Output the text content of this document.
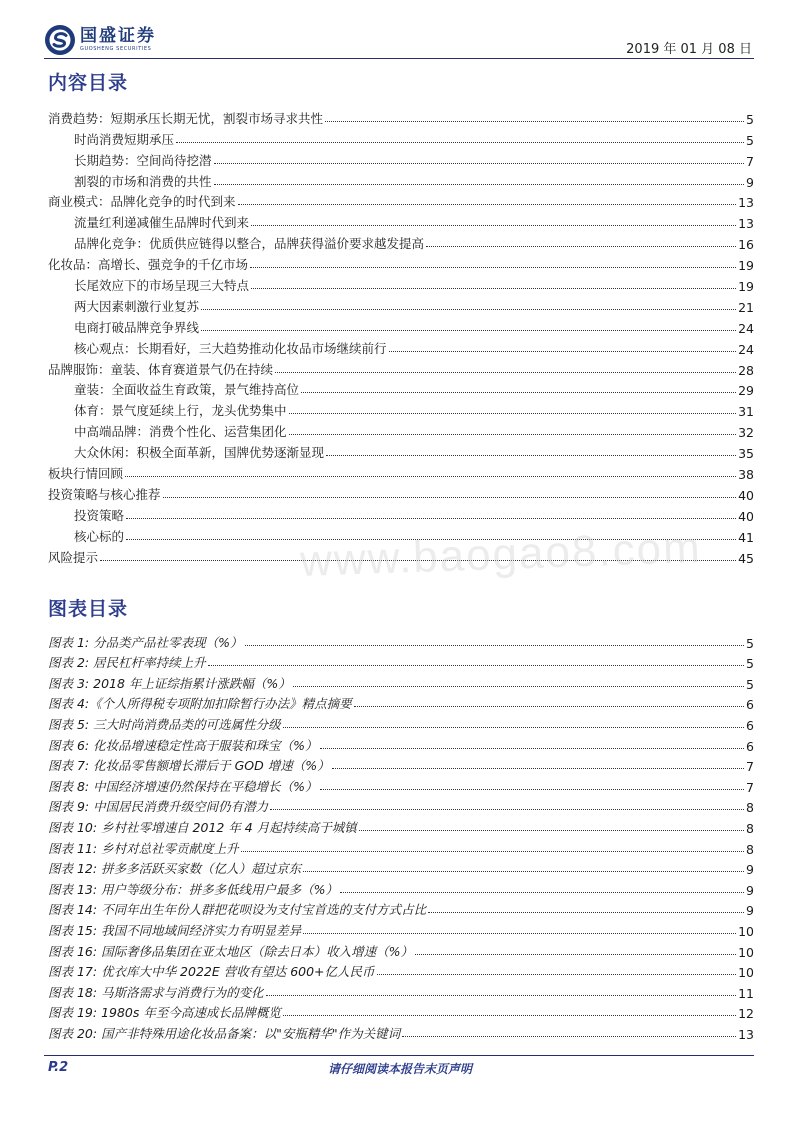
国盛证券
GUOSHENG SECURITIES	2019 年 01 月 08 日
内容目录
消费趋势：短期承压长期无忧，割裂市场寻求共性	5
时尚消费短期承压	5
长期趋势：空间尚待挖潜	7
割裂的市场和消费的共性	9
商业模式：品牌化竞争的时代到来	13
流量红利递减催生品牌时代到来	13
品牌化竞争：优质供应链得以整合，品牌获得溢价要求越发提高	16
化妆品：高增长、强竞争的千亿市场	19
长尾效应下的市场呈现三大特点	19
两大因素刺激行业复苏	21
电商打破品牌竞争界线	24
核心观点：长期看好，三大趋势推动化妆品市场继续前行	24
品牌服饰：童装、体育赛道景气仍在持续	28
童装：全面收益生育政策，景气维持高位	29
体育：景气度延续上行，龙头优势集中	31
中高端品牌：消费个性化、运营集团化	32
大众休闲：积极全面革新，国牌优势逐渐显现	35
板块行情回顾	38
投资策略与核心推荐	40
投资策略	40
核心标的	41
风险提示	45
www.baogao8.com
图表目录
图表 1: 分品类产品社零表现（%）	5
图表 2: 居民杠杆率持续上升	5
图表 3: 2018 年上证综指累计涨跌幅（%）	5
图表 4:《个人所得税专项附加扣除暂行办法》精点摘要	6
图表 5: 三大时尚消费品类的可选属性分级	6
图表 6: 化妆品增速稳定性高于服装和珠宝（%）	6
图表 7: 化妆品零售额增长滞后于 GOD 增速（%）	7
图表 8: 中国经济增速仍然保持在平稳增长（%）	7
图表 9: 中国居民消费升级空间仍有潜力	8
图表 10: 乡村社零增速自 2012 年 4 月起持续高于城镇	8
图表 11: 乡村对总社零贡献度上升	8
图表 12: 拼多多活跃买家数（亿人）超过京东	9
图表 13: 用户等级分布：拼多多低线用户最多（%）	9
图表 14: 不同年出生年份人群把花呗设为支付宝首选的支付方式占比	9
图表 15: 我国不同地域间经济实力有明显差异	10
图表 16: 国际奢侈品集团在亚太地区（除去日本）收入增速（%）	10
图表 17: 优衣库大中华 2022E 营收有望达 600+亿人民币	10
图表 18: 马斯洛需求与消费行为的变化	11
图表 19: 1980s 年至今高速成长品牌概览	12
图表 20: 国产非特殊用途化妆品备案：以"安瓶精华"作为关键词	13
P.2	请仔细阅读本报告末页声明
